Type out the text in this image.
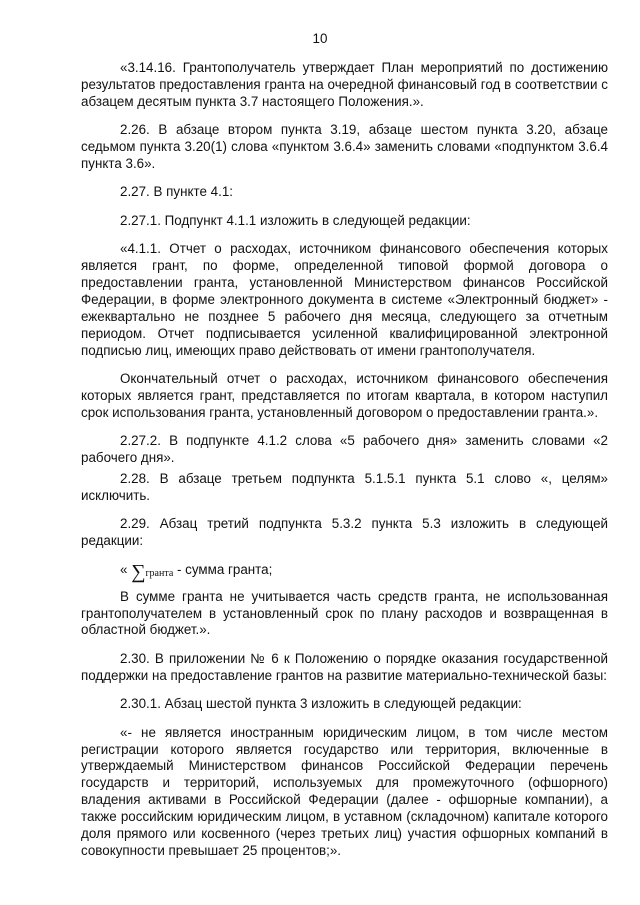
10

«3.14.16. Грантополучатель утверждает План мероприятий по достижению результатов предоставления гранта на очередной финансовый год в соответствии с абзацем десятым пункта 3.7 настоящего Положения.».

2.26. В абзаце втором пункта 3.19, абзаце шестом пункта 3.20, абзаце седьмом пункта 3.20(1) слова «пунктом 3.6.4» заменить словами «подпунктом 3.6.4 пункта 3.6».

2.27. В пункте 4.1:

2.27.1. Подпункт 4.1.1 изложить в следующей редакции:

«4.1.1. Отчет о расходах, источником финансового обеспечения которых является грант, по форме, определенной типовой формой договора о предоставлении гранта, установленной Министерством финансов Российской Федерации, в форме электронного документа в системе «Электронный бюджет» - ежеквартально не позднее 5 рабочего дня месяца, следующего за отчетным периодом. Отчет подписывается усиленной квалифицированной электронной подписью лиц, имеющих право действовать от имени грантополучателя.

Окончательный отчет о расходах, источником финансового обеспечения которых является грант, представляется по итогам квартала, в котором наступил срок использования гранта, установленный договором о предоставлении гранта.».

2.27.2. В подпункте 4.1.2 слова «5 рабочего дня» заменить словами «2 рабочего дня».

2.28. В абзаце третьем подпункта 5.1.5.1 пункта 5.1 слово «, целям» исключить.

2.29. Абзац третий подпункта 5.3.2 пункта 5.3 изложить в следующей редакции:

« $\sum_{гранта}$ - сумма гранта;

В сумме гранта не учитывается часть средств гранта, не использованная грантополучателем в установленный срок по плану расходов и возвращенная в областной бюджет.».

2.30. В приложении № 6 к Положению о порядке оказания государственной поддержки на предоставление грантов на развитие материально-технической базы:

2.30.1. Абзац шестой пункта 3 изложить в следующей редакции:

«- не является иностранным юридическим лицом, в том числе местом регистрации которого является государство или территория, включенные в утверждаемый Министерством финансов Российской Федерации перечень государств и территорий, используемых для промежуточного (офшорного) владения активами в Российской Федерации (далее - офшорные компании), а также российским юридическим лицом, в уставном (складочном) капитале которого доля прямого или косвенного (через третьих лиц) участия офшорных компаний в совокупности превышает 25 процентов;».
